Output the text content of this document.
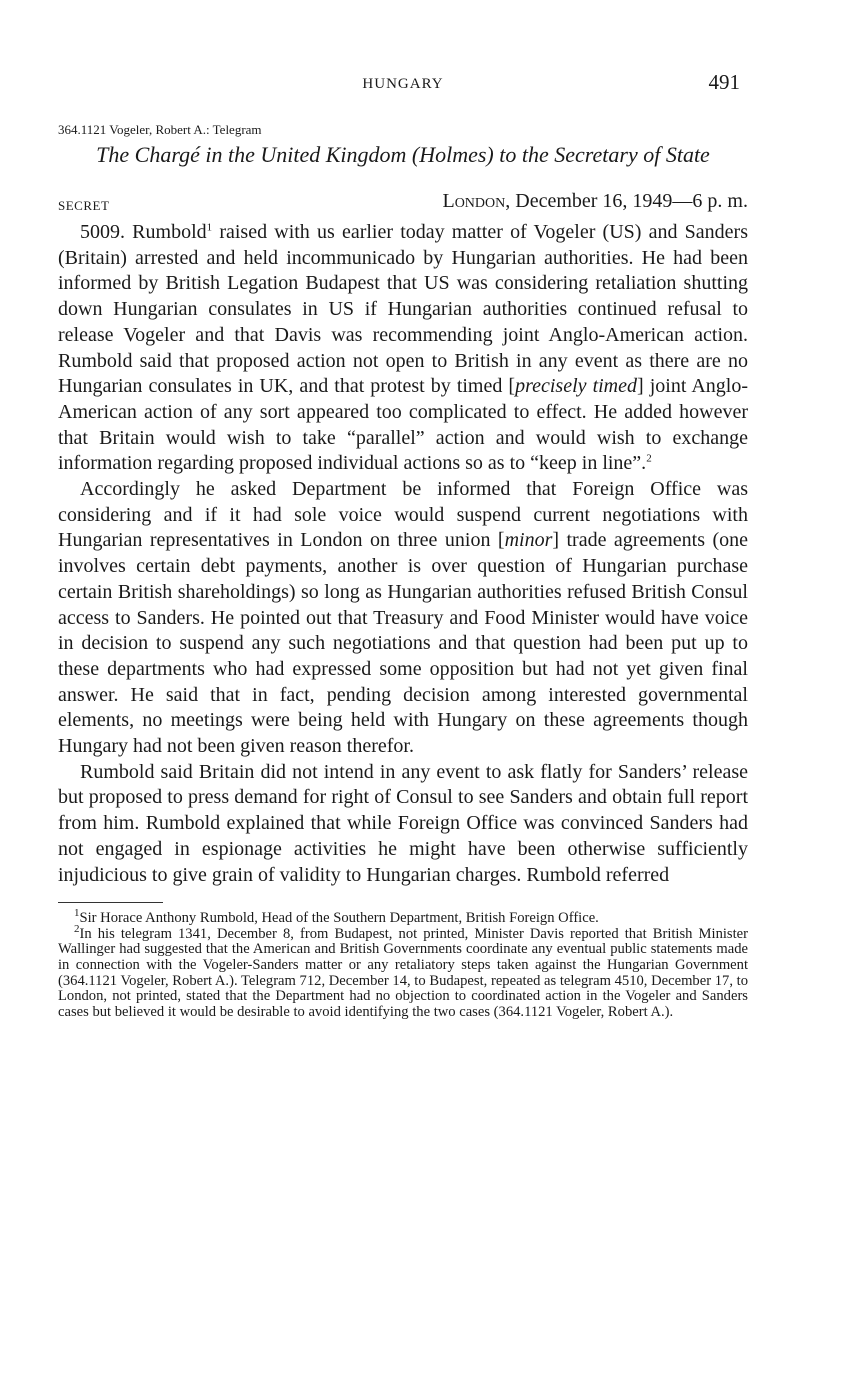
HUNGARY	491
364.1121 Vogeler, Robert A.: Telegram
The Chargé in the United Kingdom (Holmes) to the Secretary of State
SECRET	London, December 16, 1949—6 p. m.

5009. Rumbold$^1$ raised with us earlier today matter of Vogeler (US) and Sanders (Britain) arrested and held incommunicado by Hungarian authorities. He had been informed by British Legation Budapest that US was considering retaliation shutting down Hungarian consulates in US if Hungarian authorities continued refusal to release Vogeler and that Davis was recommending joint Anglo-American action. Rumbold said that proposed action not open to British in any event as there are no Hungarian consulates in UK, and that protest by timed [precisely timed] joint Anglo-American action of any sort appeared too complicated to effect. He added however that Britain would wish to take “parallel” action and would wish to exchange information regarding proposed individual actions so as to “keep in line”.$^2$

Accordingly he asked Department be informed that Foreign Office was considering and if it had sole voice would suspend current negotiations with Hungarian representatives in London on three union [minor] trade agreements (one involves certain debt payments, another is over question of Hungarian purchase certain British shareholdings) so long as Hungarian authorities refused British Consul access to Sanders. He pointed out that Treasury and Food Minister would have voice in decision to suspend any such negotiations and that question had been put up to these departments who had expressed some opposition but had not yet given final answer. He said that in fact, pending decision among interested governmental elements, no meetings were being held with Hungary on these agreements though Hungary had not been given reason therefor.

Rumbold said Britain did not intend in any event to ask flatly for Sanders’ release but proposed to press demand for right of Consul to see Sanders and obtain full report from him. Rumbold explained that while Foreign Office was convinced Sanders had not engaged in espionage activities he might have been otherwise sufficiently injudicious to give grain of validity to Hungarian charges. Rumbold referred

$^1$Sir Horace Anthony Rumbold, Head of the Southern Department, British Foreign Office.

$^2$In his telegram 1341, December 8, from Budapest, not printed, Minister Davis reported that British Minister Wallinger had suggested that the American and British Governments coordinate any eventual public statements made in connection with the Vogeler-Sanders matter or any retaliatory steps taken against the Hungarian Government (364.1121 Vogeler, Robert A.). Telegram 712, December 14, to Budapest, repeated as telegram 4510, December 17, to London, not printed, stated that the Department had no objection to coordinated action in the Vogeler and Sanders cases but believed it would be desirable to avoid identifying the two cases (364.1121 Vogeler, Robert A.).
